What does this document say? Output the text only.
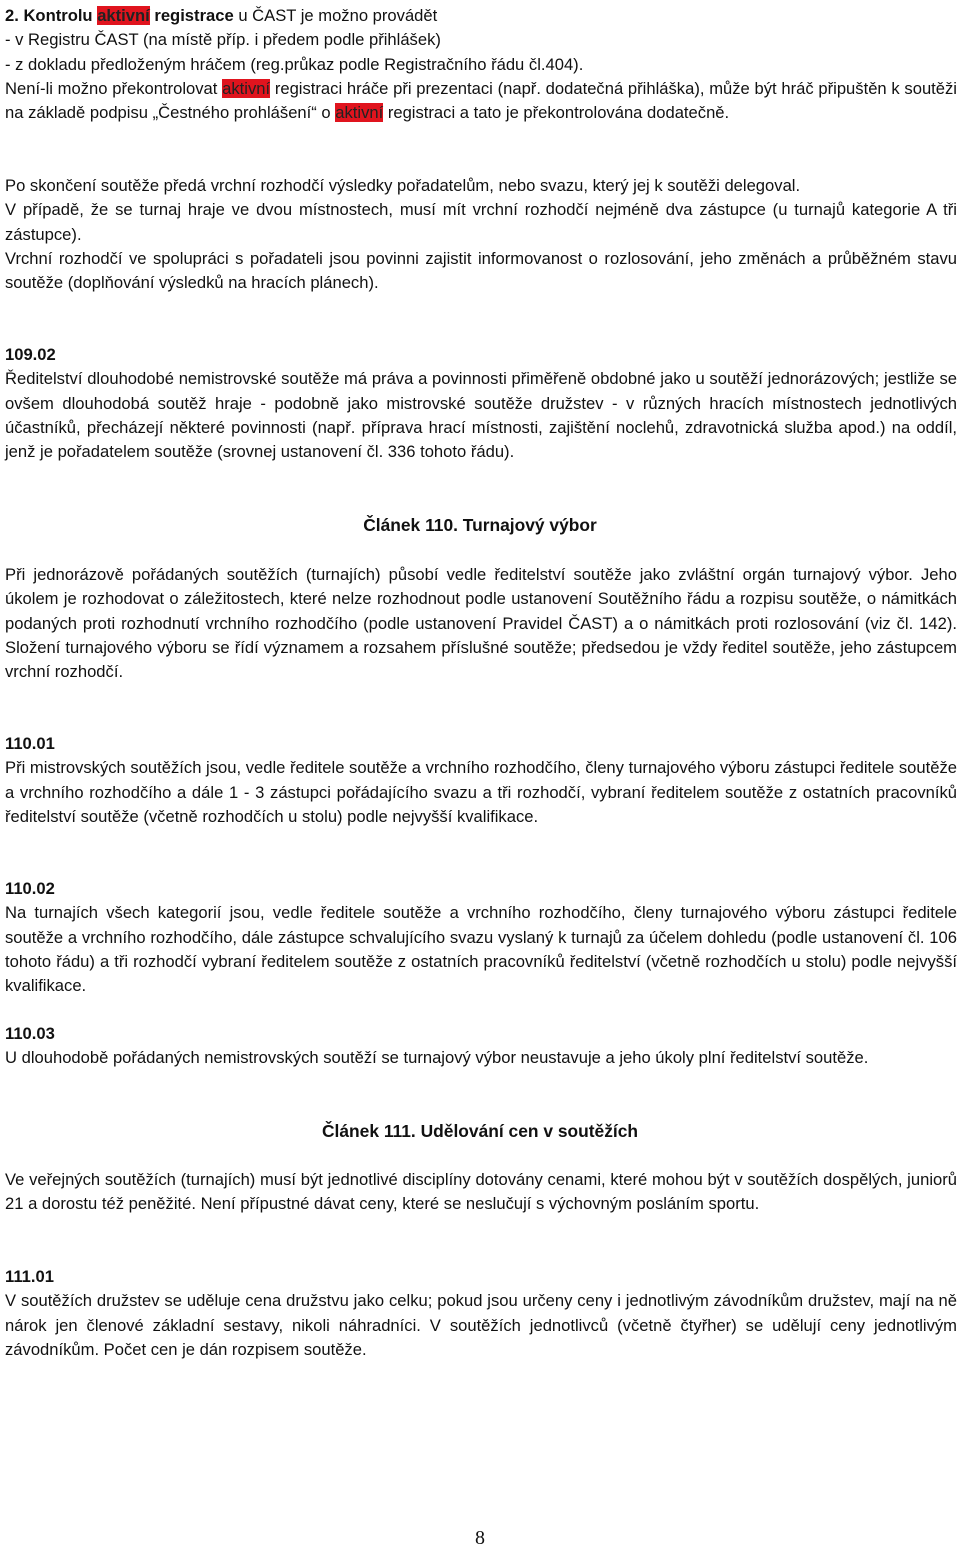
2. Kontrolu aktivní registrace u ČAST je možno provádět
- v Registru ČAST (na místě příp. i předem podle přihlášek)
- z dokladu předloženým hráčem (reg.průkaz podle Registračního řádu čl.404).
Není-li možno překontrolovat aktivní registraci hráče při prezentaci (např. dodatečná přihláška), může být hráč připuštěn k soutěži na základě podpisu „Čestného prohlášení“ o aktivní registraci a tato je překontrolována dodatečně.
Po skončení soutěže předá vrchní rozhodčí výsledky pořadatelům, nebo svazu, který jej k soutěži delegoval.
V případě, že se turnaj hraje ve dvou místnostech, musí mít vrchní rozhodčí nejméně dva zástupce (u turnajů kategorie A tři zástupce).
Vrchní rozhodčí ve spolupráci s pořadateli jsou povinni zajistit informovanost o rozlosování, jeho změnách a průběžném stavu soutěže (doplňování výsledků na hracích plánech).
109.02
Ředitelství dlouhodobé nemistrovské soutěže má práva a povinnosti přiměřeně obdobné jako u soutěží jednorázových; jestliže se ovšem dlouhodobá soutěž hraje - podobně jako mistrovské soutěže družstev - v různých hracích místnostech jednotlivých účastníků, přecházejí některé povinnosti (např. příprava hrací místnosti, zajištění noclehů, zdravotnická služba apod.) na oddíl, jenž je pořadatelem soutěže (srovnej ustanovení čl. 336 tohoto řádu).
Článek 110. Turnajový výbor
Při jednorázově pořádaných soutěžích (turnajích) působí vedle ředitelství soutěže jako zvláštní orgán turnajový výbor. Jeho úkolem je rozhodovat o záležitostech, které nelze rozhodnout podle ustanovení Soutěžního řádu a rozpisu soutěže, o námitkách podaných proti rozhodnutí vrchního rozhodčího (podle ustanovení Pravidel ČAST) a o námitkách proti rozlosování (viz čl. 142). Složení turnajového výboru se řídí významem a rozsahem příslušné soutěže; předsedou je vždy ředitel soutěže, jeho zástupcem vrchní rozhodčí.
110.01
Při mistrovských soutěžích jsou, vedle ředitele soutěže a vrchního rozhodčího, členy turnajového výboru zástupci ředitele soutěže a vrchního rozhodčího a dále 1 - 3 zástupci pořádajícího svazu a tři rozhodčí, vybraní ředitelem soutěže z ostatních pracovníků ředitelství soutěže (včetně rozhodčích u stolu) podle nejvyšší kvalifikace.
110.02
Na turnajích všech kategorií jsou, vedle ředitele soutěže a vrchního rozhodčího, členy turnajového výboru zástupci ředitele soutěže a vrchního rozhodčího, dále zástupce schvalujícího svazu vyslaný k turnajů za účelem dohledu (podle ustanovení čl. 106 tohoto řádu) a tři rozhodčí vybraní ředitelem soutěže z ostatních pracovníků ředitelství (včetně rozhodčích u stolu) podle nejvyšší kvalifikace.
110.03
U dlouhodobě pořádaných nemistrovských soutěží se turnajový výbor neustavuje a jeho úkoly plní ředitelství soutěže.
Článek 111. Udělování cen v soutěžích
Ve veřejných soutěžích (turnajích) musí být jednotlivé disciplíny dotovány cenami, které mohou být v soutěžích dospělých, juniorů 21 a dorostu též peněžité. Není přípustné dávat ceny, které se neslučují s výchovným posláním sportu.
111.01
V soutěžích družstev se uděluje cena družstvu jako celku; pokud jsou určeny ceny i jednotlivým závodníkům družstev, mají na ně nárok jen členové základní sestavy, nikoli náhradníci. V soutěžích jednotlivců (včetně čtyřher) se udělují ceny jednotlivým závodníkům. Počet cen je dán rozpisem soutěže.
8
